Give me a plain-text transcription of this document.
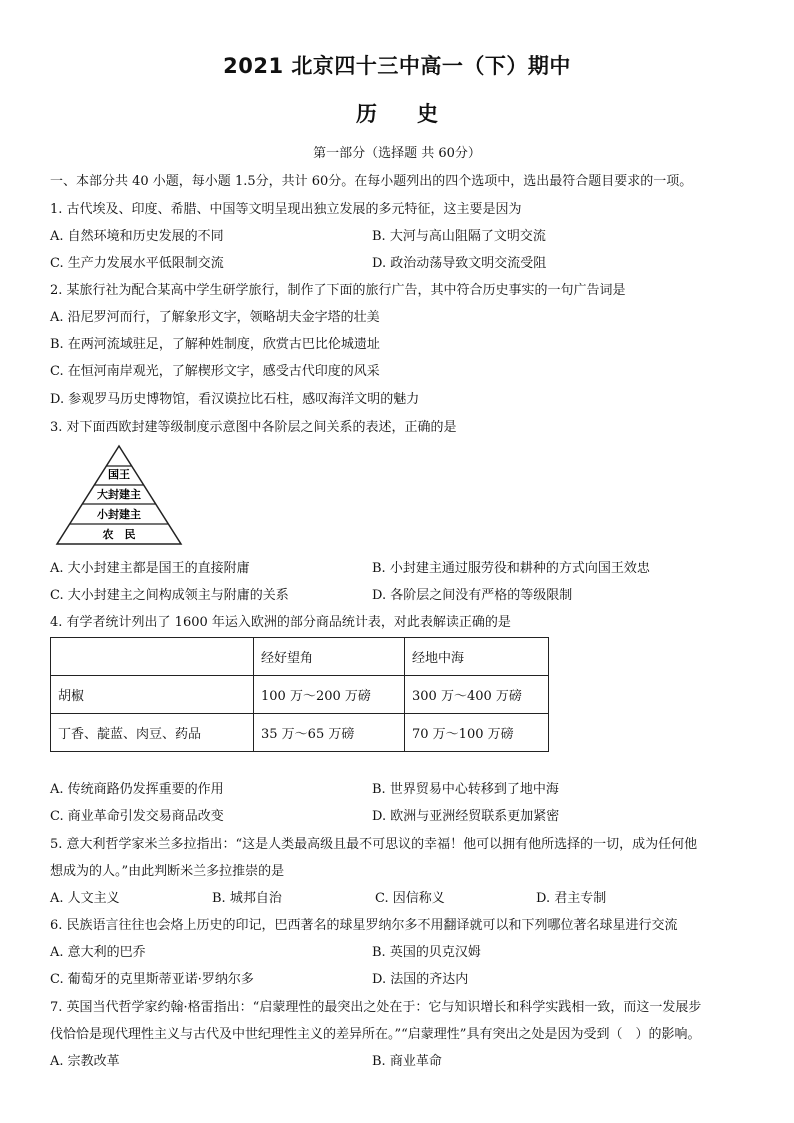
2021 北京四十三中高一（下）期中
历史
第一部分（选择题 共 60分）
一、本部分共 40 小题，每小题 1.5分，共计 60分。在每小题列出的四个选项中，选出最符合题目要求的一项。
1. 古代埃及、印度、希腊、中国等文明呈现出独立发展的多元特征，这主要是因为
A. 自然环境和历史发展的不同	B. 大河与高山阻隔了文明交流
C. 生产力发展水平低限制交流	D. 政治动荡导致文明交流受阻
2. 某旅行社为配合某高中学生研学旅行，制作了下面的旅行广告，其中符合历史事实的一句广告词是
A. 沿尼罗河而行，了解象形文字，领略胡夫金字塔的壮美
B. 在两河流域驻足，了解种姓制度，欣赏古巴比伦城遗址
C. 在恒河南岸观光，了解楔形文字，感受古代印度的风采
D. 参观罗马历史博物馆，看汉谟拉比石柱，感叹海洋文明的魅力
3. 对下面西欧封建等级制度示意图中各阶层之间关系的表述，正确的是
国王
大封建主
小封建主
农　民
A. 大小封建主都是国王的直接附庸	B. 小封建主通过服劳役和耕种的方式向国王效忠
C. 大小封建主之间构成领主与附庸的关系	D. 各阶层之间没有严格的等级限制
4. 有学者统计列出了 1600 年运入欧洲的部分商品统计表，对此表解读正确的是
	经好望角	经地中海
胡椒	100 万～200 万磅	300 万～400 万磅
丁香、靛蓝、肉豆、药品	35 万～65 万磅	70 万～100 万磅
A. 传统商路仍发挥重要的作用	B. 世界贸易中心转移到了地中海
C. 商业革命引发交易商品改变	D. 欧洲与亚洲经贸联系更加紧密
5. 意大利哲学家米兰多拉指出：“这是人类最高级且最不可思议的幸福！他可以拥有他所选择的一切，成为任何他
想成为的人。”由此判断米兰多拉推崇的是
A. 人文主义	B. 城邦自治	C. 因信称义	D. 君主专制
6. 民族语言往往也会烙上历史的印记，巴西著名的球星罗纳尔多不用翻译就可以和下列哪位著名球星进行交流
A. 意大利的巴乔	B. 英国的贝克汉姆
C. 葡萄牙的克里斯蒂亚诺·罗纳尔多	D. 法国的齐达内
7. 英国当代哲学家约翰·格雷指出：“启蒙理性的最突出之处在于：它与知识增长和科学实践相一致，而这一发展步
伐恰恰是现代理性主义与古代及中世纪理性主义的差异所在。”“启蒙理性”具有突出之处是因为受到（　）的影响。
A. 宗教改革	B. 商业革命
